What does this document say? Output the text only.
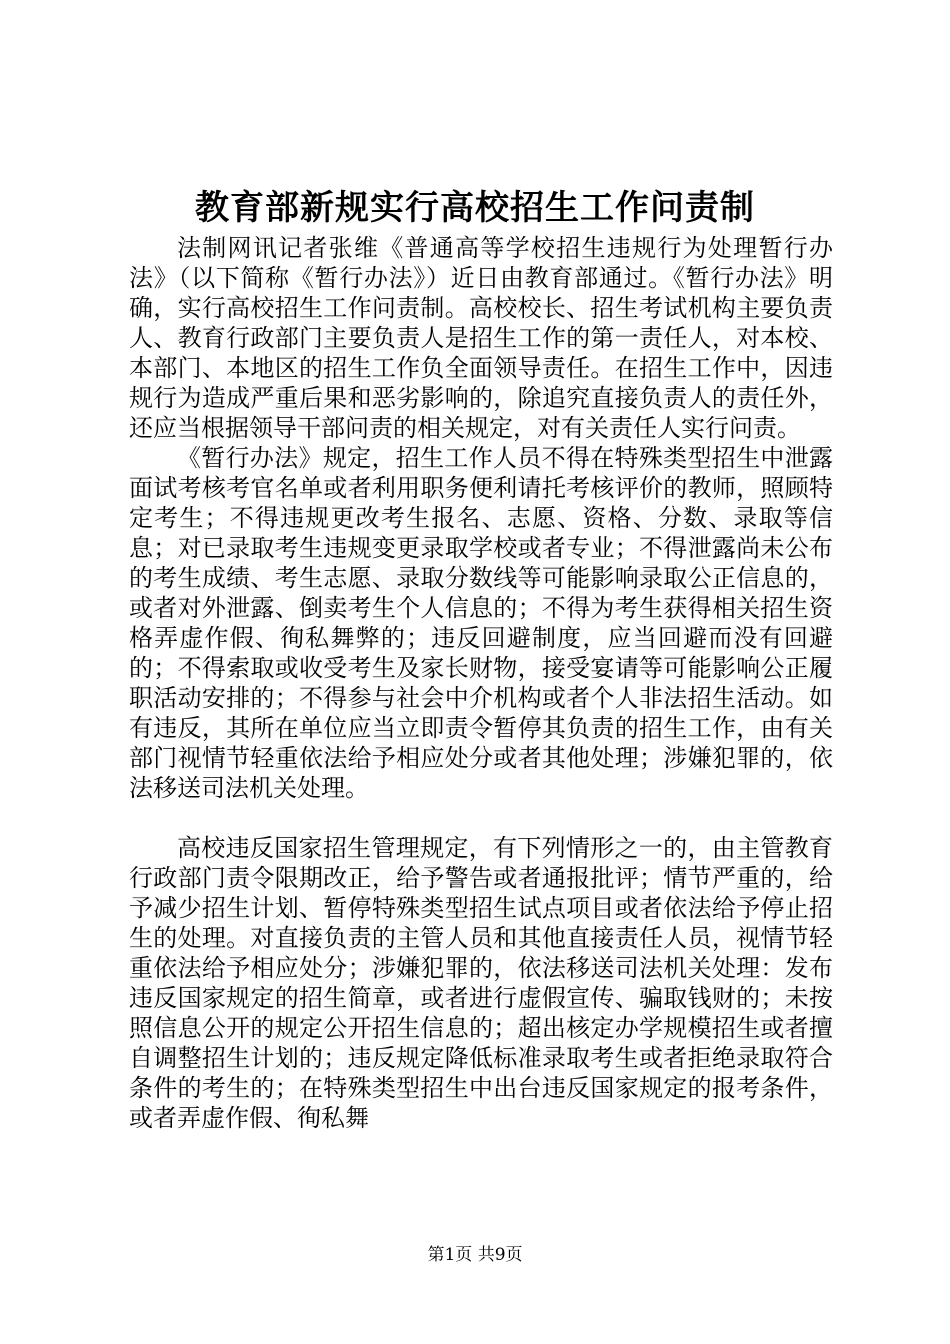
教育部新规实行高校招生工作问责制

法制网讯记者张维《普通高等学校招生违规行为处理暂行办法》（以下简称《暂行办法》）近日由教育部通过。《暂行办法》明确，实行高校招生工作问责制。高校校长、招生考试机构主要负责人、教育行政部门主要负责人是招生工作的第一责任人，对本校、本部门、本地区的招生工作负全面领导责任。在招生工作中，因违规行为造成严重后果和恶劣影响的，除追究直接负责人的责任外，还应当根据领导干部问责的相关规定，对有关责任人实行问责。

《暂行办法》规定，招生工作人员不得在特殊类型招生中泄露面试考核考官名单或者利用职务便利请托考核评价的教师，照顾特定考生；不得违规更改考生报名、志愿、资格、分数、录取等信息；对已录取考生违规变更录取学校或者专业；不得泄露尚未公布的考生成绩、考生志愿、录取分数线等可能影响录取公正信息的，或者对外泄露、倒卖考生个人信息的；不得为考生获得相关招生资格弄虚作假、徇私舞弊的；违反回避制度，应当回避而没有回避的；不得索取或收受考生及家长财物，接受宴请等可能影响公正履职活动安排的；不得参与社会中介机构或者个人非法招生活动。如有违反，其所在单位应当立即责令暂停其负责的招生工作，由有关部门视情节轻重依法给予相应处分或者其他处理；涉嫌犯罪的，依法移送司法机关处理。

高校违反国家招生管理规定，有下列情形之一的，由主管教育行政部门责令限期改正，给予警告或者通报批评；情节严重的，给予减少招生计划、暂停特殊类型招生试点项目或者依法给予停止招生的处理。对直接负责的主管人员和其他直接责任人员，视情节轻重依法给予相应处分；涉嫌犯罪的，依法移送司法机关处理：发布违反国家规定的招生简章，或者进行虚假宣传、骗取钱财的；未按照信息公开的规定公开招生信息的；超出核定办学规模招生或者擅自调整招生计划的；违反规定降低标准录取考生或者拒绝录取符合条件的考生的；在特殊类型招生中出台违反国家规定的报考条件，或者弄虚作假、徇私舞

第1页 共9页
